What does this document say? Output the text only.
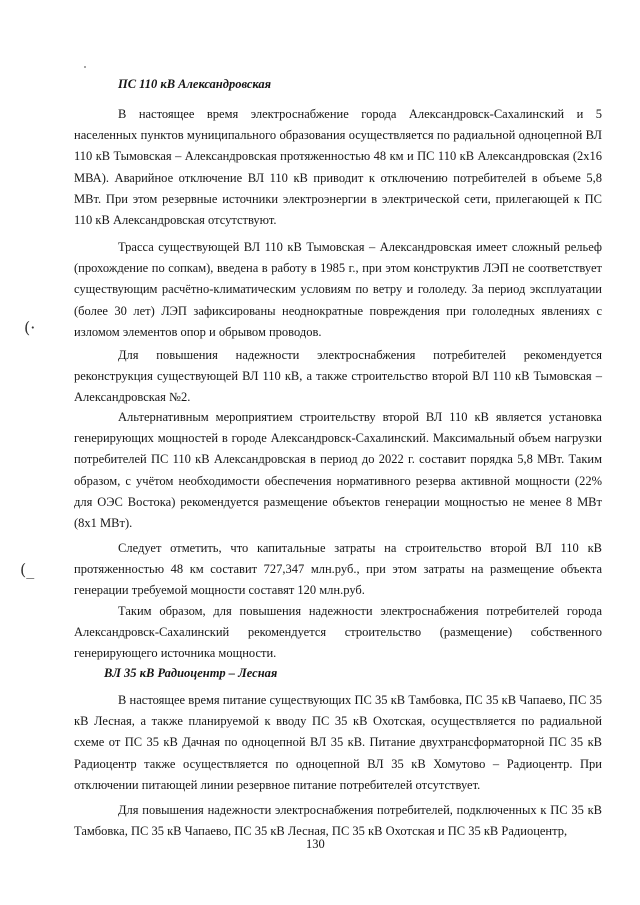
ПС 110 кВ Александровская

В настоящее время электроснабжение города Александровск-Сахалинский и 5 населенных пунктов муниципального образования осуществляется по радиальной одноцепной ВЛ 110 кВ Тымовская – Александровская протяженностью 48 км и ПС 110 кВ Александровская (2х16 МВА). Аварийное отключение ВЛ 110 кВ приводит к отключению потребителей в объеме 5,8 МВт. При этом резервные источники электроэнергии в электрической сети, прилегающей к ПС 110 кВ Александровская отсутствуют.

Трасса существующей ВЛ 110 кВ Тымовская – Александровская имеет сложный рельеф (прохождение по сопкам), введена в работу в 1985 г., при этом конструктив ЛЭП не соответствует существующим расчётно-климатическим условиям по ветру и гололеду. За период эксплуатации (более 30 лет) ЛЭП зафиксированы неоднократные повреждения при гололедных явлениях с изломом элементов опор и обрывом проводов.

Для повышения надежности электроснабжения потребителей рекомендуется реконструкция существующей ВЛ 110 кВ, а также строительство второй ВЛ 110 кВ Тымовская – Александровская №2.

Альтернативным мероприятием строительству второй ВЛ 110 кВ является установка генерирующих мощностей в городе Александровск-Сахалинский. Максимальный объем нагрузки потребителей ПС 110 кВ Александровская в период до 2022 г. составит порядка 5,8 МВт. Таким образом, с учётом необходимости обеспечения нормативного резерва активной мощности (22% для ОЭС Востока) рекомендуется размещение объектов генерации мощностью не менее 8 МВт (8х1 МВт).

Следует отметить, что капитальные затраты на строительство второй ВЛ 110 кВ протяженностью 48 км составит 727,347 млн.руб., при этом затраты на размещение объекта генерации требуемой мощности составят 120 млн.руб.

Таким образом, для повышения надежности электроснабжения потребителей города Александровск-Сахалинский рекомендуется строительство (размещение) собственного генерирующего источника мощности.

ВЛ 35 кВ Радиоцентр – Лесная

В настоящее время питание существующих ПС 35 кВ Тамбовка, ПС 35 кВ Чапаево, ПС 35 кВ Лесная, а также планируемой к вводу ПС 35 кВ Охотская, осуществляется по радиальной схеме от ПС 35 кВ Дачная по одноцепной ВЛ 35 кВ. Питание двухтрансформаторной ПС 35 кВ Радиоцентр также осуществляется по одноцепной ВЛ 35 кВ Хомутово – Радиоцентр. При отключении питающей линии резервное питание потребителей отсутствует.

Для повышения надежности электроснабжения потребителей, подключенных к ПС 35 кВ Тамбовка, ПС 35 кВ Чапаево, ПС 35 кВ Лесная, ПС 35 кВ Охотская и ПС 35 кВ Радиоцентр,

130
(·
(_
